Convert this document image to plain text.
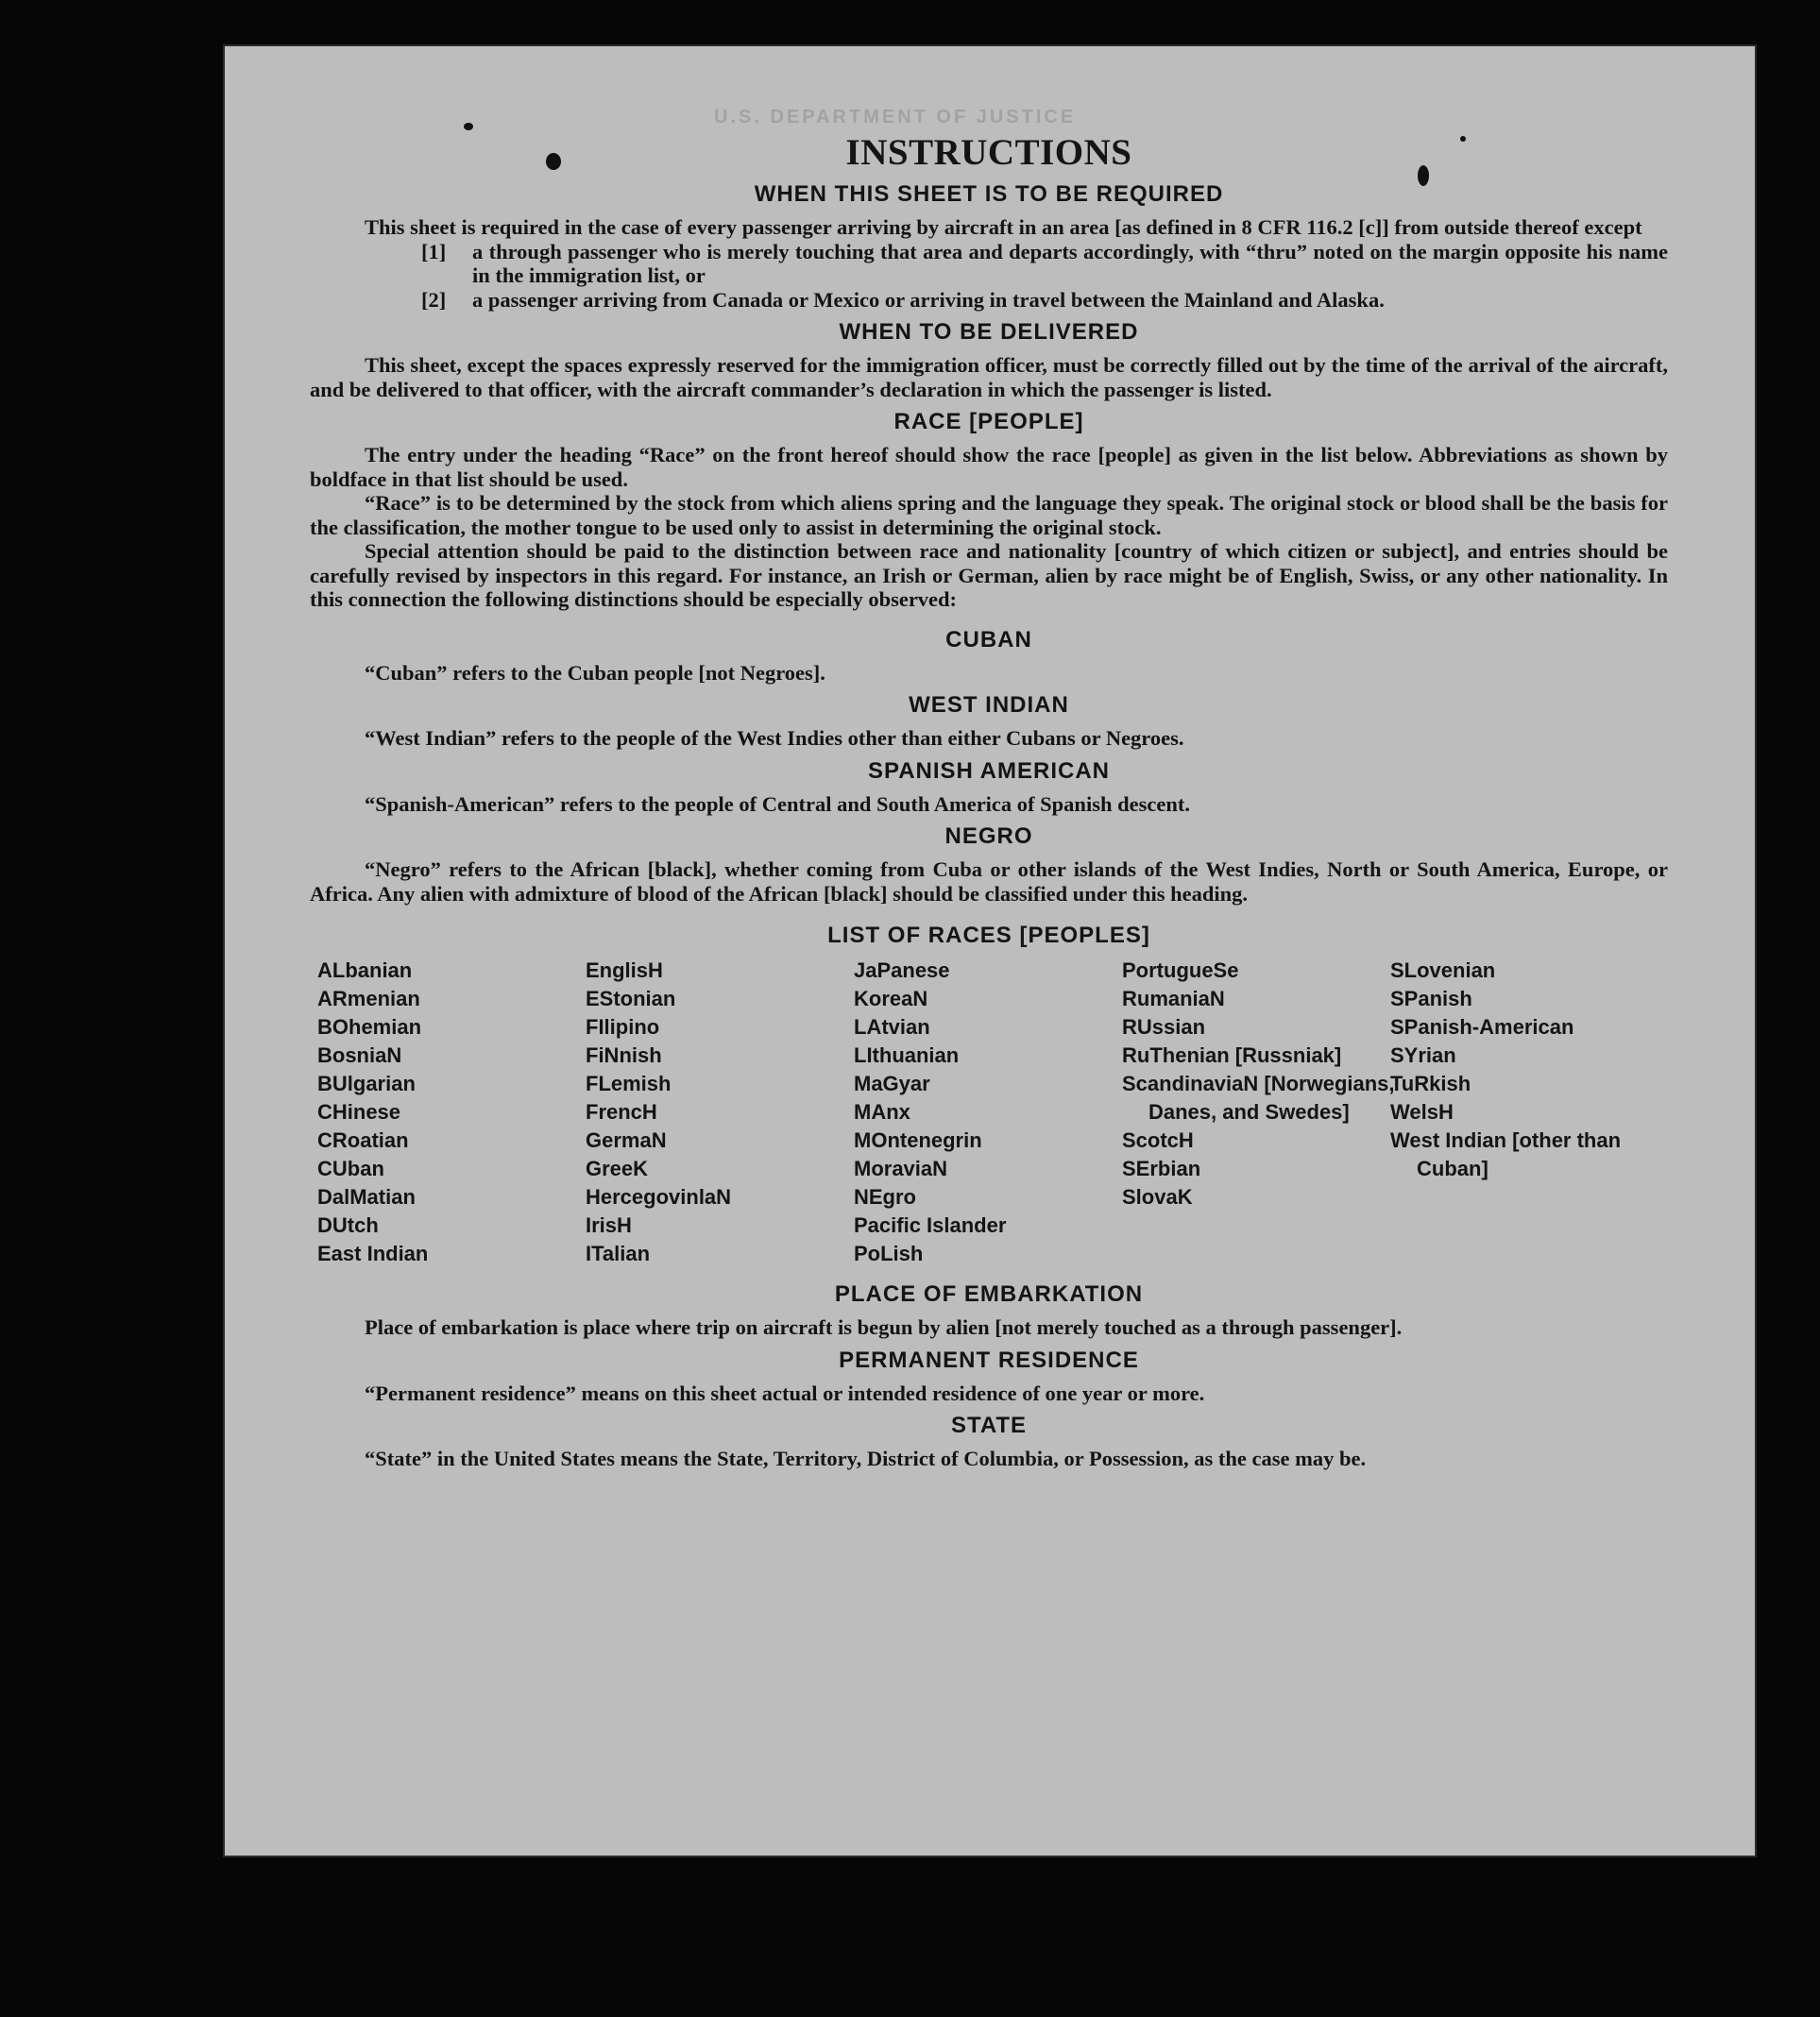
U.S. DEPARTMENT OF JUSTICE
INSTRUCTIONS
WHEN THIS SHEET IS TO BE REQUIRED

This sheet is required in the case of every passenger arriving by aircraft in an area [as defined in 8 CFR 116.2 [c]] from outside thereof except

[1]	a through passenger who is merely touching that area and departs accordingly, with “thru” noted on the margin opposite his name in the immigration list, or
[2]	a passenger arriving from Canada or Mexico or arriving in travel between the Mainland and Alaska.
WHEN TO BE DELIVERED

This sheet, except the spaces expressly reserved for the immigration officer, must be correctly filled out by the time of the arrival of the aircraft, and be delivered to that officer, with the aircraft commander’s declaration in which the passenger is listed.

RACE [PEOPLE]

The entry under the heading “Race” on the front hereof should show the race [people] as given in the list below. Abbreviations as shown by boldface in that list should be used.

“Race” is to be determined by the stock from which aliens spring and the language they speak. The original stock or blood shall be the basis for the classification, the mother tongue to be used only to assist in determining the original stock.

Special attention should be paid to the distinction between race and nationality [country of which citizen or subject], and entries should be carefully revised by inspectors in this regard. For instance, an Irish or German, alien by race might be of English, Swiss, or any other nationality. In this connection the following distinctions should be especially observed:

CUBAN

“Cuban” refers to the Cuban people [not Negroes].

WEST INDIAN

“West Indian” refers to the people of the West Indies other than either Cubans or Negroes.

SPANISH AMERICAN

“Spanish-American” refers to the people of Central and South America of Spanish descent.

NEGRO

“Negro” refers to the African [black], whether coming from Cuba or other islands of the West Indies, North or South America, Europe, or Africa. Any alien with admixture of blood of the African [black] should be classified under this heading.

LIST OF RACES [PEOPLES]
ALbanian
ARmenian
BOhemian
BosniaN
BUlgarian
CHinese
CRoatian
CUban
DalMatian
DUtch
East Indian
EnglisH
EStonian
FIlipino
FiNnish
FLemish
FrencH
GermaN
GreeK
HercegovinlaN
IrisH
ITalian
JaPanese
KoreaN
LAtvian
LIthuanian
MaGyar
MAnx
MOntenegrin
MoraviaN
NEgro
Pacific Islander
PoLish
PortugueSe
RumaniaN
RUssian
RuThenian [Russniak]
ScandinaviaN [Norwegians, Danes, and Swedes]
ScotcH
SErbian
SlovaK
SLovenian
SPanish
SPanish-American
SYrian
TuRkish
WelsH
West Indian [other than Cuban]
PLACE OF EMBARKATION

Place of embarkation is place where trip on aircraft is begun by alien [not merely touched as a through passenger].

PERMANENT RESIDENCE

“Permanent residence” means on this sheet actual or intended residence of one year or more.

STATE

“State” in the United States means the State, Territory, District of Columbia, or Possession, as the case may be.
